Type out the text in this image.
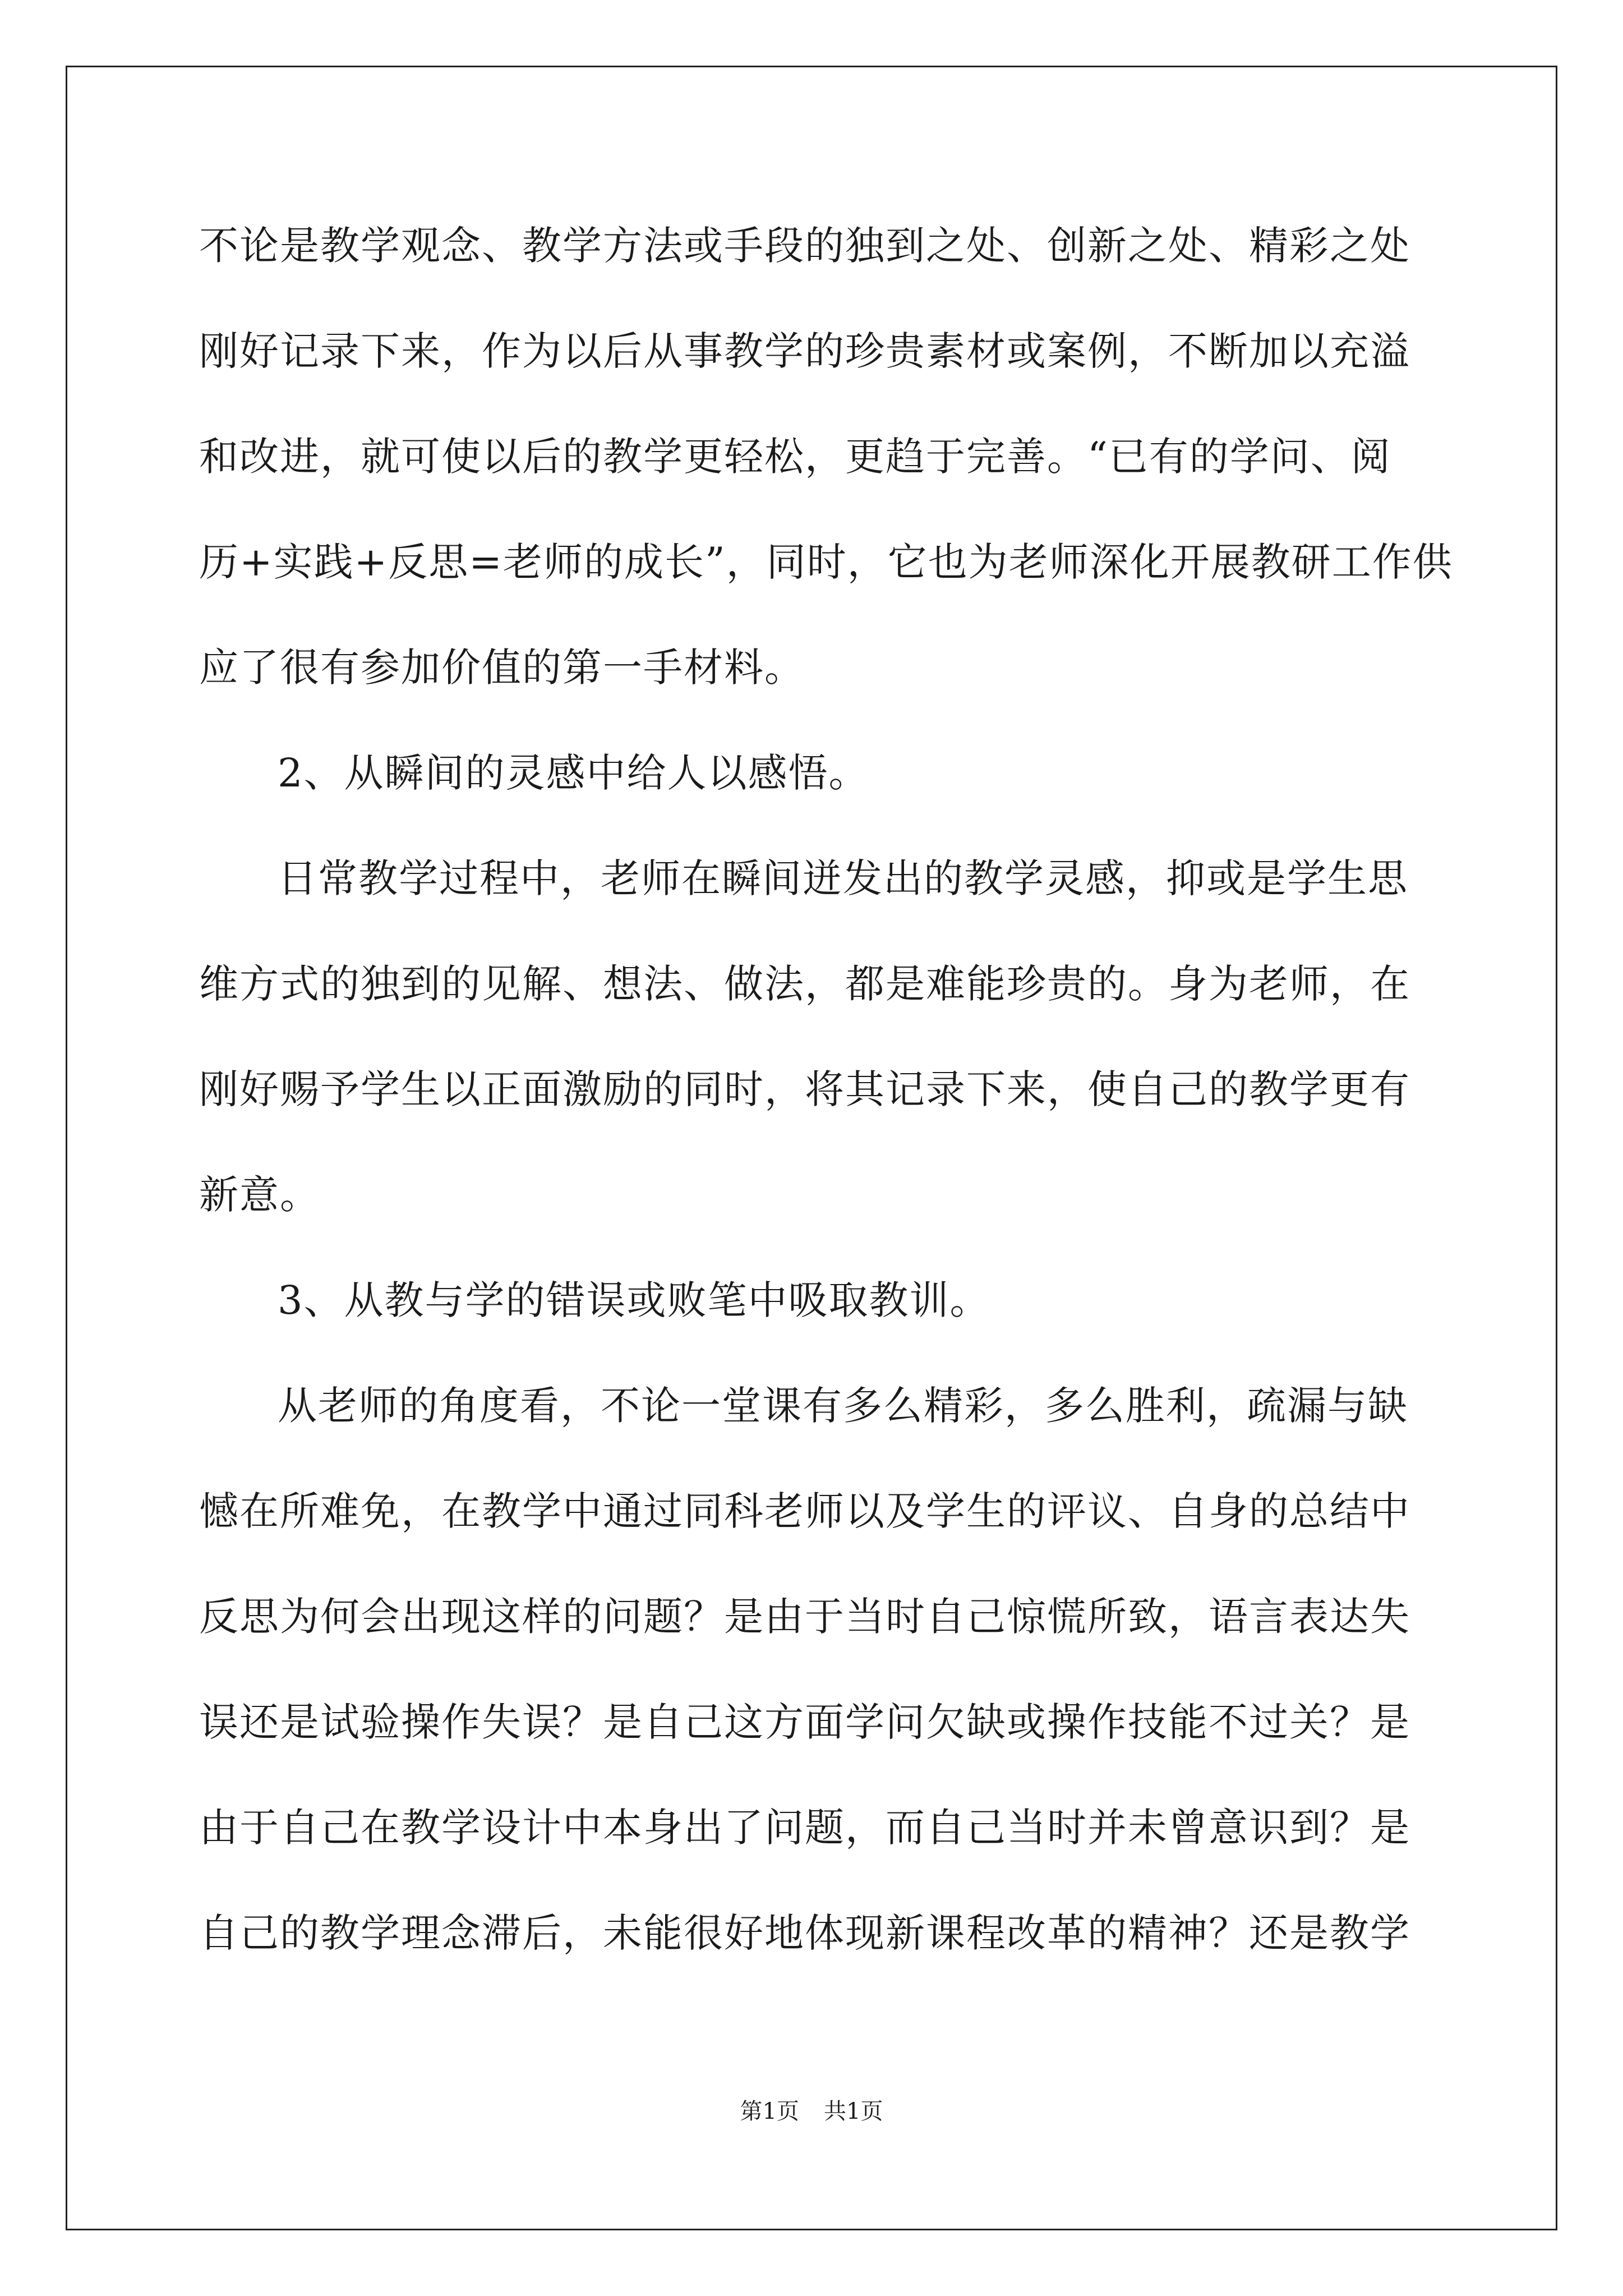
不论是教学观念、教学方法或手段的独到之处、创新之处、精彩之处
刚好记录下来，作为以后从事教学的珍贵素材或案例，不断加以充溢
和改进，就可使以后的教学更轻松，更趋于完善。“已有的学问、阅
历+实践+反思=老师的成长”，同时，它也为老师深化开展教研工作供
应了很有参加价值的第一手材料。
2、从瞬间的灵感中给人以感悟。
日常教学过程中，老师在瞬间迸发出的教学灵感，抑或是学生思
维方式的独到的见解、想法、做法，都是难能珍贵的。身为老师，在
刚好赐予学生以正面激励的同时，将其记录下来，使自己的教学更有
新意。
3、从教与学的错误或败笔中吸取教训。
从老师的角度看，不论一堂课有多么精彩，多么胜利，疏漏与缺
憾在所难免，在教学中通过同科老师以及学生的评议、自身的总结中
反思为何会出现这样的问题？是由于当时自己惊慌所致，语言表达失
误还是试验操作失误？是自己这方面学问欠缺或操作技能不过关？是
由于自己在教学设计中本身出了问题，而自己当时并未曾意识到？是
自己的教学理念滞后，未能很好地体现新课程改革的精神？还是教学
第1页 共1页
